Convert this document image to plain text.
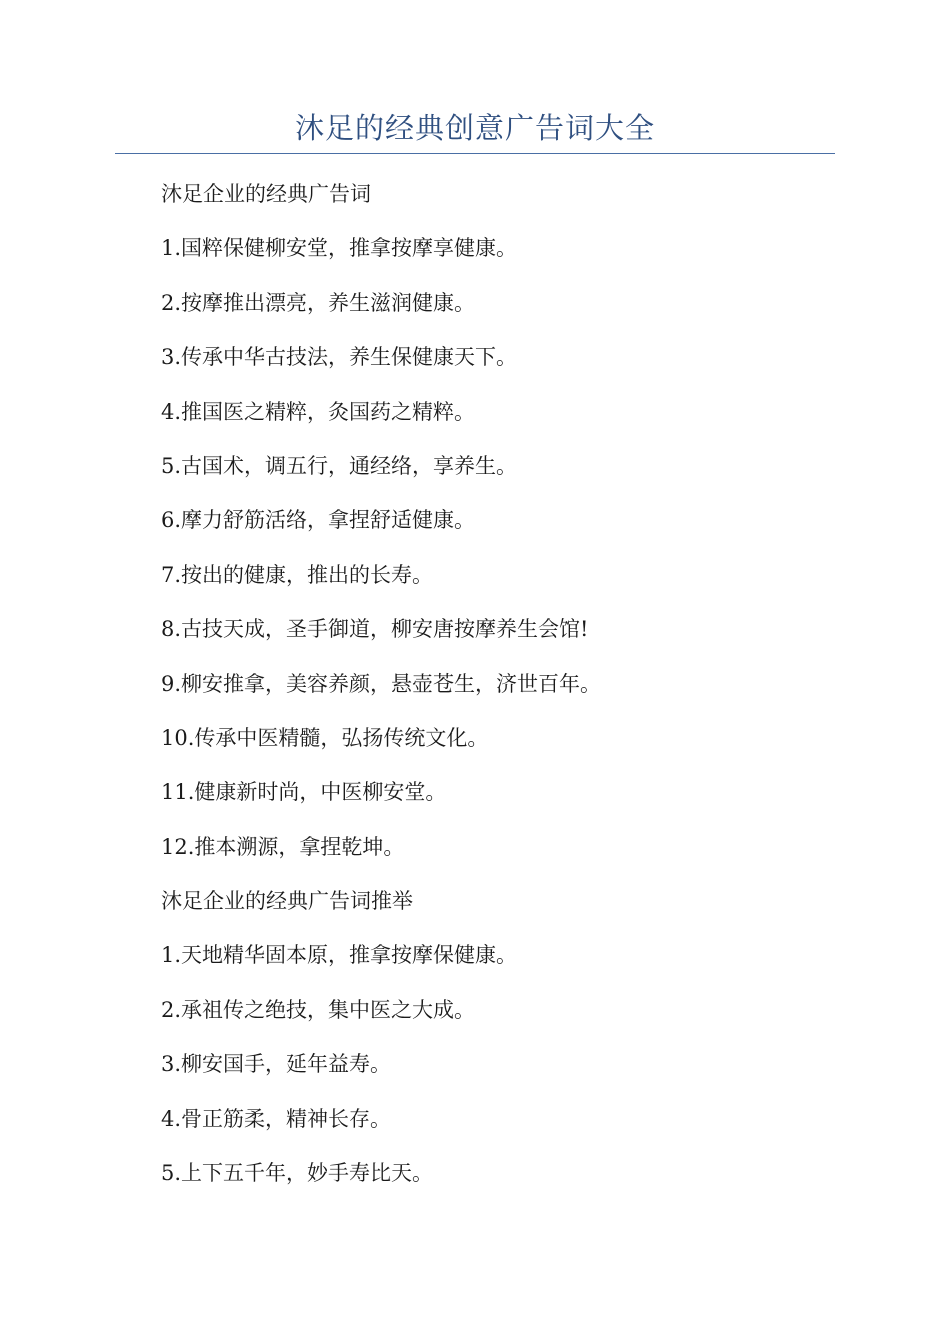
沐足的经典创意广告词大全
沐足企业的经典广告词
1.国粹保健柳安堂，推拿按摩享健康。
2.按摩推出漂亮，养生滋润健康。
3.传承中华古技法，养生保健康天下。
4.推国医之精粹，灸国药之精粹。
5.古国术，调五行，通经络，享养生。
6.摩力舒筋活络，拿捏舒适健康。
7.按出的健康，推出的长寿。
8.古技天成，圣手御道，柳安唐按摩养生会馆!
9.柳安推拿，美容养颜，悬壶苍生，济世百年。
10.传承中医精髓，弘扬传统文化。
11.健康新时尚，中医柳安堂。
12.推本溯源，拿捏乾坤。
沐足企业的经典广告词推举
1.天地精华固本原，推拿按摩保健康。
2.承祖传之绝技，集中医之大成。
3.柳安国手，延年益寿。
4.骨正筋柔，精神长存。
5.上下五千年，妙手寿比天。
